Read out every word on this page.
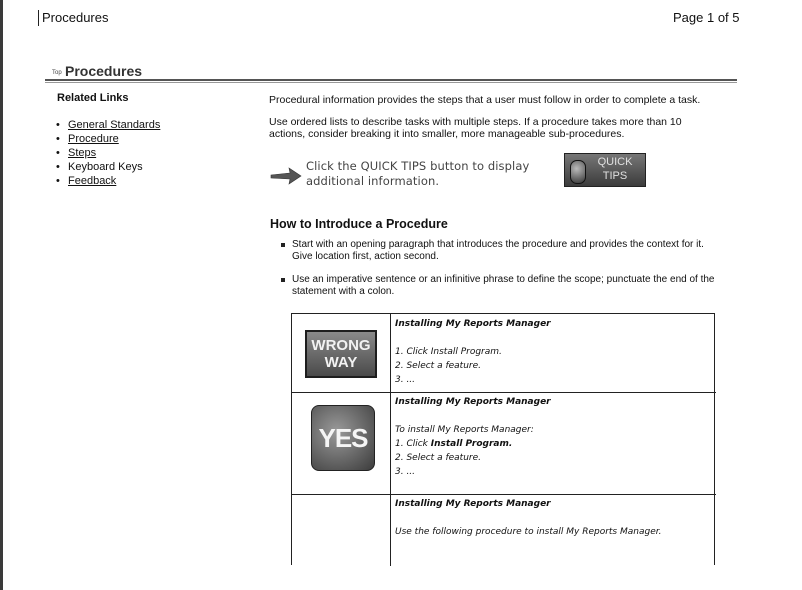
Procedures	Page 1 of 5
Top Procedures
Related Links
• General Standards
• Procedure
• Steps
• Keyboard Keys
• Feedback
Procedural information provides the steps that a user must follow in order to complete a task.
Use ordered lists to describe tasks with multiple steps. If a procedure takes more than 10 actions, consider breaking it into smaller, more manageable sub-procedures.
Click the QUICK TIPS button to display additional information.
QUICK
TIPS
How to Introduce a Procedure
Start with an opening paragraph that introduces the procedure and provides the context for it. Give location first, action second.
Use an imperative sentence or an infinitive phrase to define the scope; punctuate the end of the statement with a colon.
WRONG
WAY
Installing My Reports Manager
1. Click Install Program.
2. Select a feature.
3. ...
YES
Installing My Reports Manager
To install My Reports Manager:
1. Click Install Program.
2. Select a feature.
3. ...
Installing My Reports Manager
Use the following procedure to install My Reports Manager.
